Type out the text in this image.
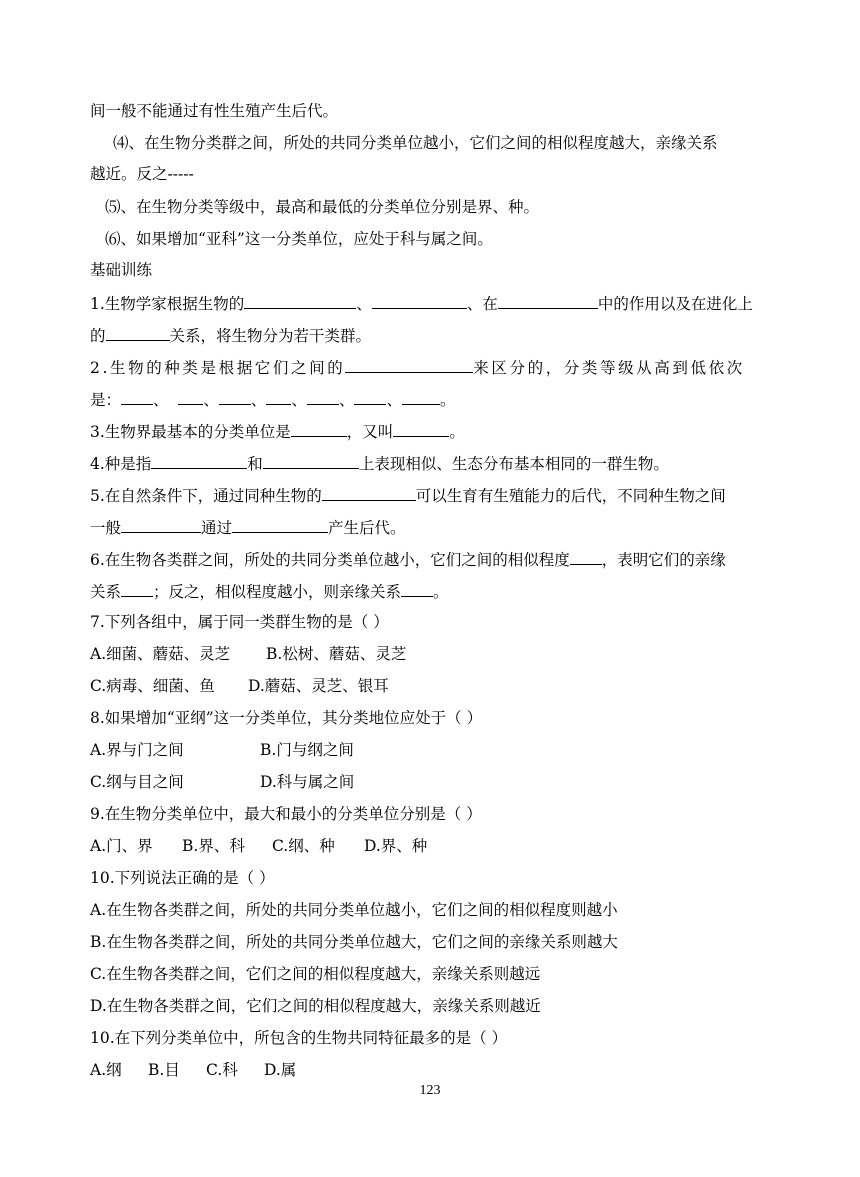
间一般不能通过有性生殖产生后代。
⑷、在生物分类群之间，所处的共同分类单位越小，它们之间的相似程度越大，亲缘关系
越近。反之-----
⑸、在生物分类等级中，最高和最低的分类单位分别是界、种。
⑹、如果增加“亚科”这一分类单位，应处于科与属之间。
基础训练
1.生物学家根据生物的	、	、在	中的作用以及在进化上
的	关系，将生物分为若干类群。
2.生物的种类是根据它们之间的	来区分的，分类等级从高到低依次
是： 、 、 、 、 、 、 。
3.生物界最基本的分类单位是	，又叫	。
4.种是指	和	上表现相似、生态分布基本相同的一群生物。
5.在自然条件下，通过同种生物的	可以生育有生殖能力的后代，不同种生物之间
一般	通过	产生后代。
6.在生物各类群之间，所处的共同分类单位越小，它们之间的相似程度 ，表明它们的亲缘
关系 ；反之，相似程度越小，则亲缘关系 。
7.下列各组中，属于同一类群生物的是（ ）
A.细菌、蘑菇、灵芝 B.松树、蘑菇、灵芝
C.病毒、细菌、鱼 D.蘑菇、灵芝、银耳
8.如果增加“亚纲”这一分类单位，其分类地位应处于（ ）
A.界与门之间	B.门与纲之间
C.纲与目之间	D.科与属之间
9.在生物分类单位中，最大和最小的分类单位分别是（ ）
A.门、界 B.界、科 C.纲、种 D.界、种
10.下列说法正确的是（ ）
A.在生物各类群之间，所处的共同分类单位越小，它们之间的相似程度则越小
B.在生物各类群之间，所处的共同分类单位越大，它们之间的亲缘关系则越大
C.在生物各类群之间，它们之间的相似程度越大，亲缘关系则越远
D.在生物各类群之间，它们之间的相似程度越大，亲缘关系则越近
10.在下列分类单位中，所包含的生物共同特征最多的是（ ）
A.纲 B.目 C.科 D.属
123
